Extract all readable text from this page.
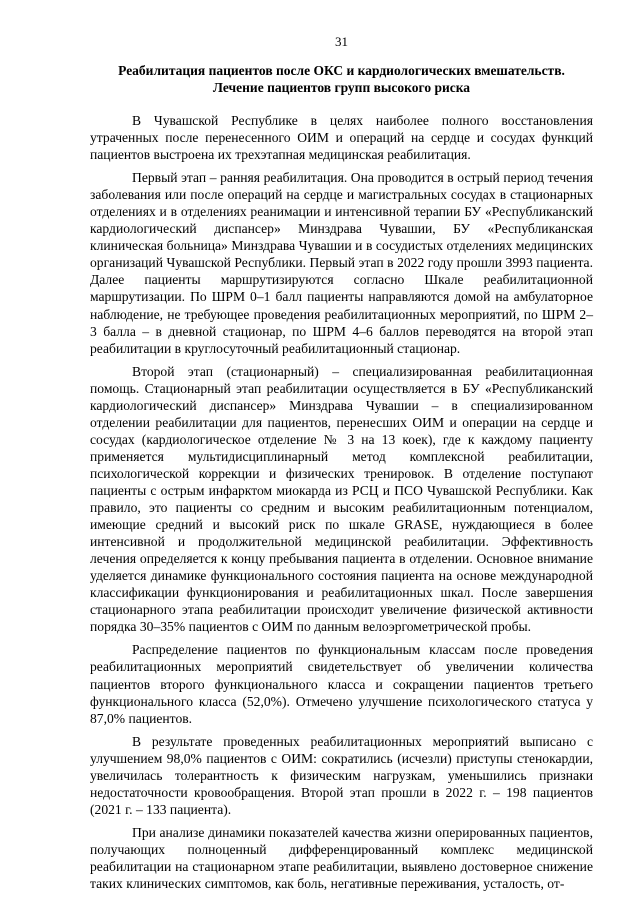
31
Реабилитация пациентов после ОКС и кардиологических вмешательств.
Лечение пациентов групп высокого риска

В Чувашской Республике в целях наиболее полного восстановления утраченных после перенесенного ОИМ и операций на сердце и сосудах функций пациентов выстроена их трехэтапная медицинская реабилитация.

Первый этап – ранняя реабилитация. Она проводится в острый период течения заболевания или после операций на сердце и магистральных сосудах в стационарных отделениях и в отделениях реанимации и интенсивной терапии БУ «Республиканский кардиологический диспансер» Минздрава Чувашии, БУ «Республиканская клиническая больница» Минздрава Чувашии и в сосудистых отделениях медицинских организаций Чувашской Республики. Первый этап в 2022 году прошли 3993 пациента. Далее пациенты маршрутизируются согласно Шкале реабилитационной маршрутизации. По ШРМ 0–1 балл пациенты направляются домой на амбулаторное наблюдение, не требующее проведения реабилитационных мероприятий, по ШРМ 2–3 балла – в дневной стационар, по ШРМ 4–6 баллов переводятся на второй этап реабилитации в круглосуточный реабилитационный стационар.

Второй этап (стационарный) – специализированная реабилитационная помощь. Стационарный этап реабилитации осуществляется в БУ «Республиканский кардиологический диспансер» Минздрава Чувашии – в специализированном отделении реабилитации для пациентов, перенесших ОИМ и операции на сердце и сосудах (кардиологическое отделение № 3 на 13 коек), где к каждому пациенту применяется мультидисциплинарный метод комплексной реабилитации, психологической коррекции и физических тренировок. В отделение поступают пациенты с острым инфарктом миокарда из РСЦ и ПСО Чувашской Республики. Как правило, это пациенты со средним и высоким реабилитационным потенциалом, имеющие средний и высокий риск по шкале GRASE, нуждающиеся в более интенсивной и продолжительной медицинской реабилитации. Эффективность лечения определяется к концу пребывания пациента в отделении. Основное внимание уделяется динамике функционального состояния пациента на основе международной классификации функционирования и реабилитационных шкал. После завершения стационарного этапа реабилитации происходит увеличение физической активности порядка 30–35% пациентов с ОИМ по данным велоэргометрической пробы.

Распределение пациентов по функциональным классам после проведения реабилитационных мероприятий свидетельствует об увеличении количества пациентов второго функционального класса и сокращении пациентов третьего функционального класса (52,0%). Отмечено улучшение психологического статуса у 87,0% пациентов.

В результате проведенных реабилитационных мероприятий выписано с улучшением 98,0% пациентов с ОИМ: сократились (исчезли) приступы стенокардии, увеличилась толерантность к физическим нагрузкам, уменьшились признаки недостаточности кровообращения. Второй этап прошли в 2022 г. – 198 пациентов (2021 г. – 133 пациента).

При анализе динамики показателей качества жизни оперированных пациентов, получающих полноценный дифференцированный комплекс медицинской реабилитации на стационарном этапе реабилитации, выявлено достоверное снижение таких клинических симптомов, как боль, негативные переживания, усталость, от-
